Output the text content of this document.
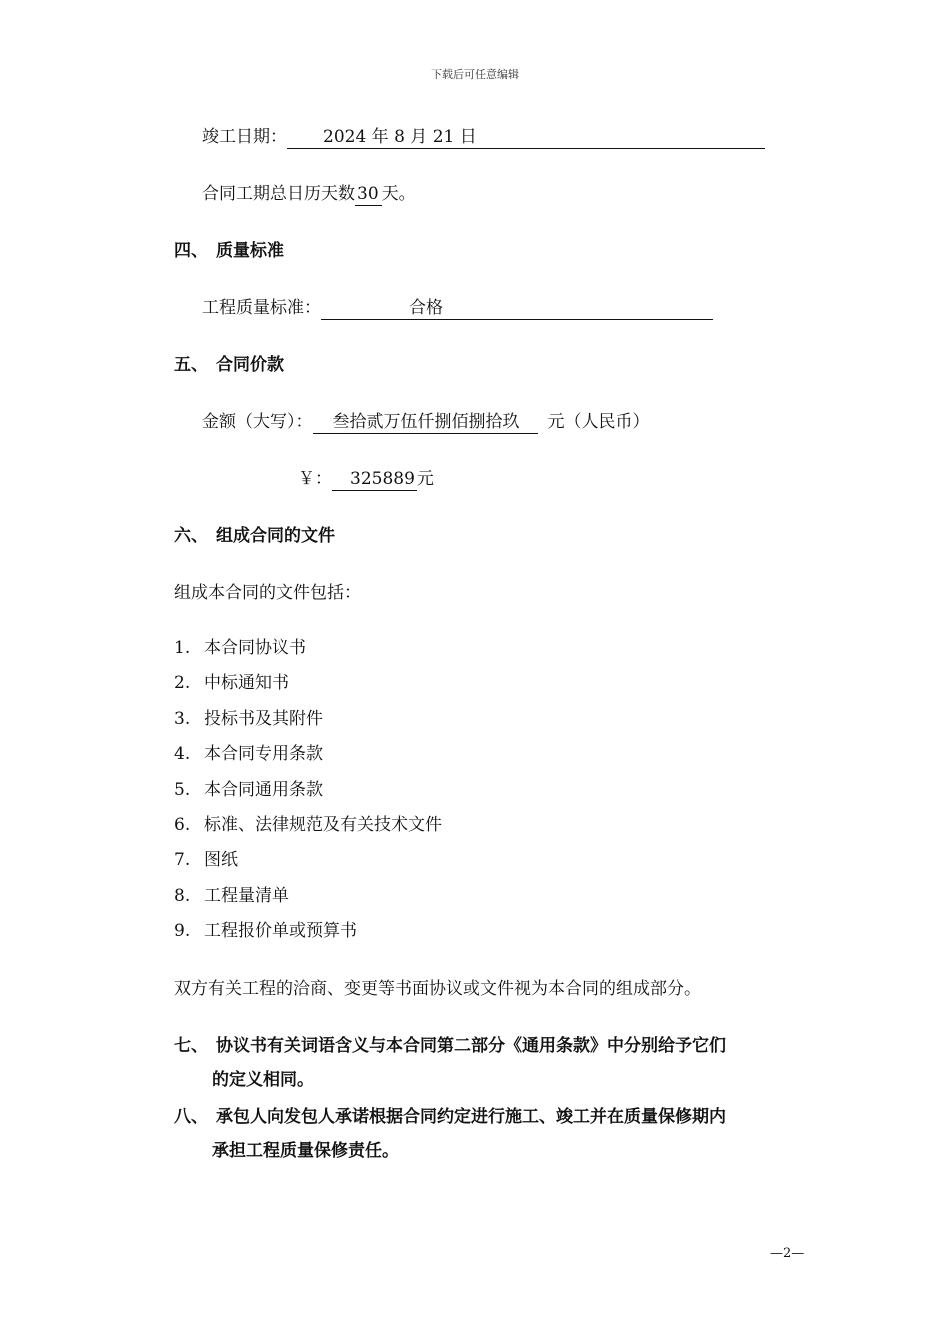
下载后可任意编辑
竣工日期： 2024 年 8 月 21 日
合同工期总日历天数 30 天。
四、 质量标准
工程质量标准：	合格
五、 合同价款
金额（大写）： 叁拾贰万伍仟捌佰捌拾玖 元（人民币）
￥： 325889 元
六、 组成合同的文件
组成本合同的文件包括：
1. 本合同协议书
2. 中标通知书
3. 投标书及其附件
4. 本合同专用条款
5. 本合同通用条款
6. 标准、法律规范及有关技术文件
7. 图纸
8. 工程量清单
9. 工程报价单或预算书
双方有关工程的洽商、变更等书面协议或文件视为本合同的组成部分。
七、 协议书有关词语含义与本合同第二部分《通用条款》中分别给予它们
的定义相同。
八、 承包人向发包人承诺根据合同约定进行施工、竣工并在质量保修期内
承担工程质量保修责任。
—2—
